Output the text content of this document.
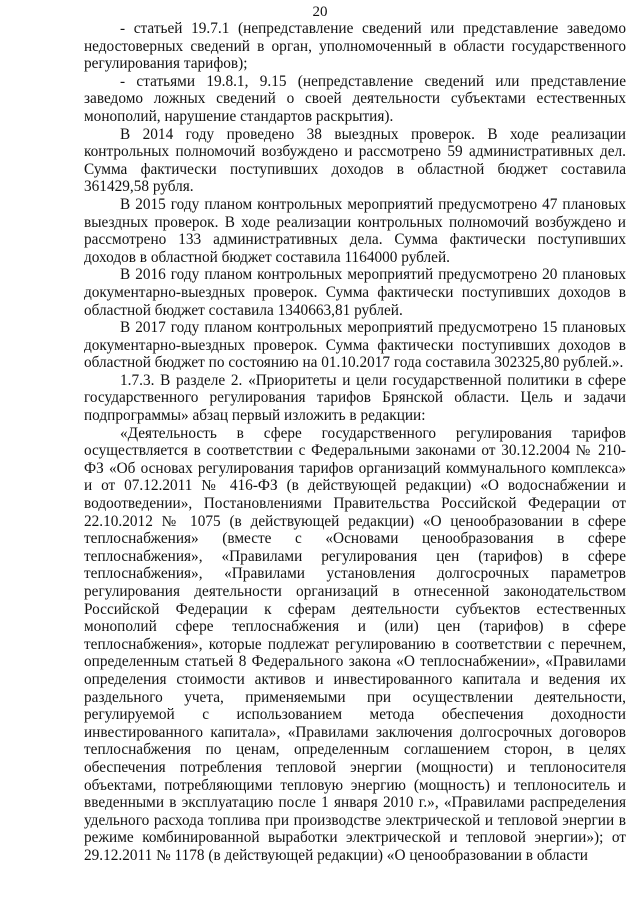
20

- статьей 19.7.1 (непредставление сведений или представление заведомо недостоверных сведений в орган, уполномоченный в области государственного регулирования тарифов);

- статьями 19.8.1, 9.15 (непредставление сведений или представление заведомо ложных сведений о своей деятельности субъектами естественных монополий, нарушение стандартов раскрытия).

В 2014 году проведено 38 выездных проверок. В ходе реализации контрольных полномочий возбуждено и рассмотрено 59 административных дел. Сумма фактически поступивших доходов в областной бюджет составила 361429,58 рубля.

В 2015 году планом контрольных мероприятий предусмотрено 47 плановых выездных проверок. В ходе реализации контрольных полномочий возбуждено и рассмотрено 133 административных дела. Сумма фактически поступивших доходов в областной бюджет составила 1164000 рублей.

В 2016 году планом контрольных мероприятий предусмотрено 20 плановых документарно-выездных проверок. Сумма фактически поступивших доходов в областной бюджет составила 1340663,81 рублей.

В 2017 году планом контрольных мероприятий предусмотрено 15 плановых документарно-выездных проверок. Сумма фактически поступивших доходов в областной бюджет по состоянию на 01.10.2017 года составила 302325,80 рублей.».

1.7.3. В разделе 2. «Приоритеты и цели государственной политики в сфере государственного регулирования тарифов Брянской области. Цель и задачи подпрограммы» абзац первый изложить в редакции:

«Деятельность в сфере государственного регулирования тарифов осуществляется в соответствии с Федеральными законами от 30.12.2004 № 210-ФЗ «Об основах регулирования тарифов организаций коммунального комплекса» и от 07.12.2011 № 416-ФЗ (в действующей редакции) «О водоснабжении и водоотведении», Постановлениями Правительства Российской Федерации от 22.10.2012 № 1075 (в действующей редакции) «О ценообразовании в сфере теплоснабжения» (вместе с «Основами ценообразования в сфере теплоснабжения», «Правилами регулирования цен (тарифов) в сфере теплоснабжения», «Правилами установления долгосрочных параметров регулирования деятельности организаций в отнесенной законодательством Российской Федерации к сферам деятельности субъектов естественных монополий сфере теплоснабжения и (или) цен (тарифов) в сфере теплоснабжения», которые подлежат регулированию в соответствии с перечнем, определенным статьей 8 Федерального закона «О теплоснабжении», «Правилами определения стоимости активов и инвестированного капитала и ведения их раздельного учета, применяемыми при осуществлении деятельности, регулируемой с использованием метода обеспечения доходности инвестированного капитала», «Правилами заключения долгосрочных договоров теплоснабжения по ценам, определенным соглашением сторон, в целях обеспечения потребления тепловой энергии (мощности) и теплоносителя объектами, потребляющими тепловую энергию (мощность) и теплоноситель и введенными в эксплуатацию после 1 января 2010 г.», «Правилами распределения удельного расхода топлива при производстве электрической и тепловой энергии в режиме комбинированной выработки электрической и тепловой энергии»); от 29.12.2011 № 1178 (в действующей редакции) «О ценообразовании в области
